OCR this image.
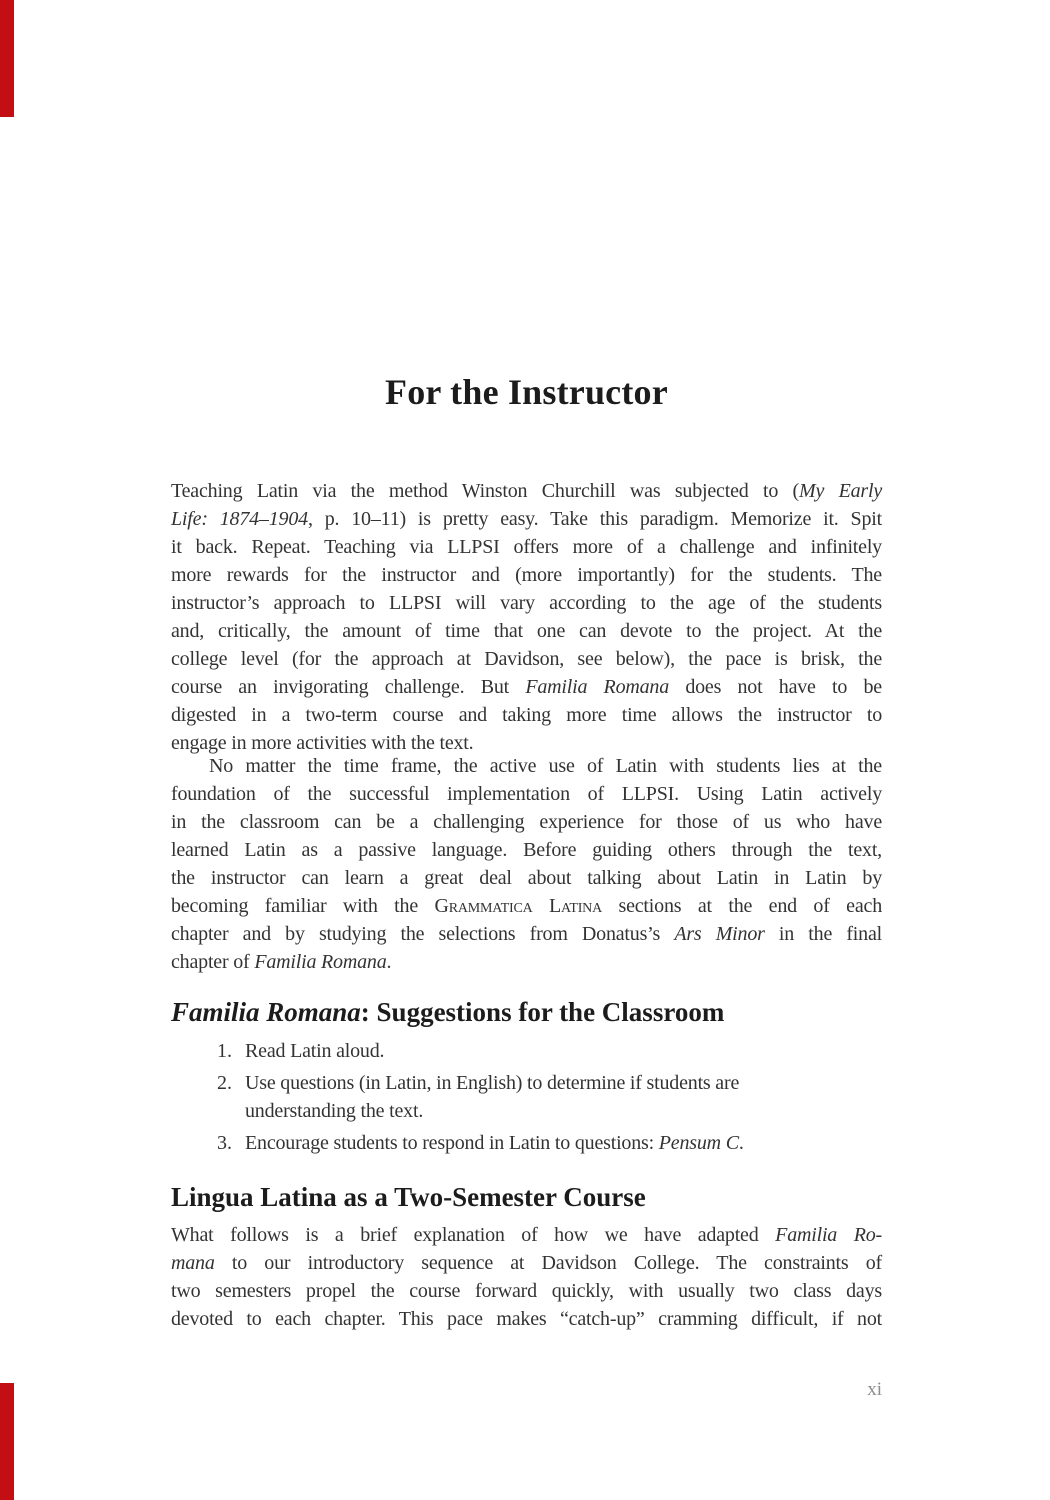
For the Instructor
Teaching Latin via the method Winston Churchill was subjected to (My Early
Life: 1874–1904, p. 10–11) is pretty easy. Take this paradigm. Memorize it. Spit
it back. Repeat. Teaching via LLPSI offers more of a challenge and infinitely
more rewards for the instructor and (more importantly) for the students. The
instructor’s approach to LLPSI will vary according to the age of the students
and, critically, the amount of time that one can devote to the project. At the
college level (for the approach at Davidson, see below), the pace is brisk, the
course an invigorating challenge. But Familia Romana does not have to be
digested in a two-term course and taking more time allows the instructor to
engage in more activities with the text.
No matter the time frame, the active use of Latin with students lies at the
foundation of the successful implementation of LLPSI. Using Latin actively
in the classroom can be a challenging experience for those of us who have
learned Latin as a passive language. Before guiding others through the text,
the instructor can learn a great deal about talking about Latin in Latin by
becoming familiar with the Grammatica Latina sections at the end of each
chapter and by studying the selections from Donatus’s Ars Minor in the final
chapter of Familia Romana.
Familia Romana: Suggestions for the Classroom
1. Read Latin aloud.
2. Use questions (in Latin, in English) to determine if students are
understanding the text.
3. Encourage students to respond in Latin to questions: Pensum C.
Lingua Latina as a Two-Semester Course
What follows is a brief explanation of how we have adapted Familia Ro-
mana to our introductory sequence at Davidson College. The constraints of
two semesters propel the course forward quickly, with usually two class days
devoted to each chapter. This pace makes “catch-up” cramming difficult, if not
xi
